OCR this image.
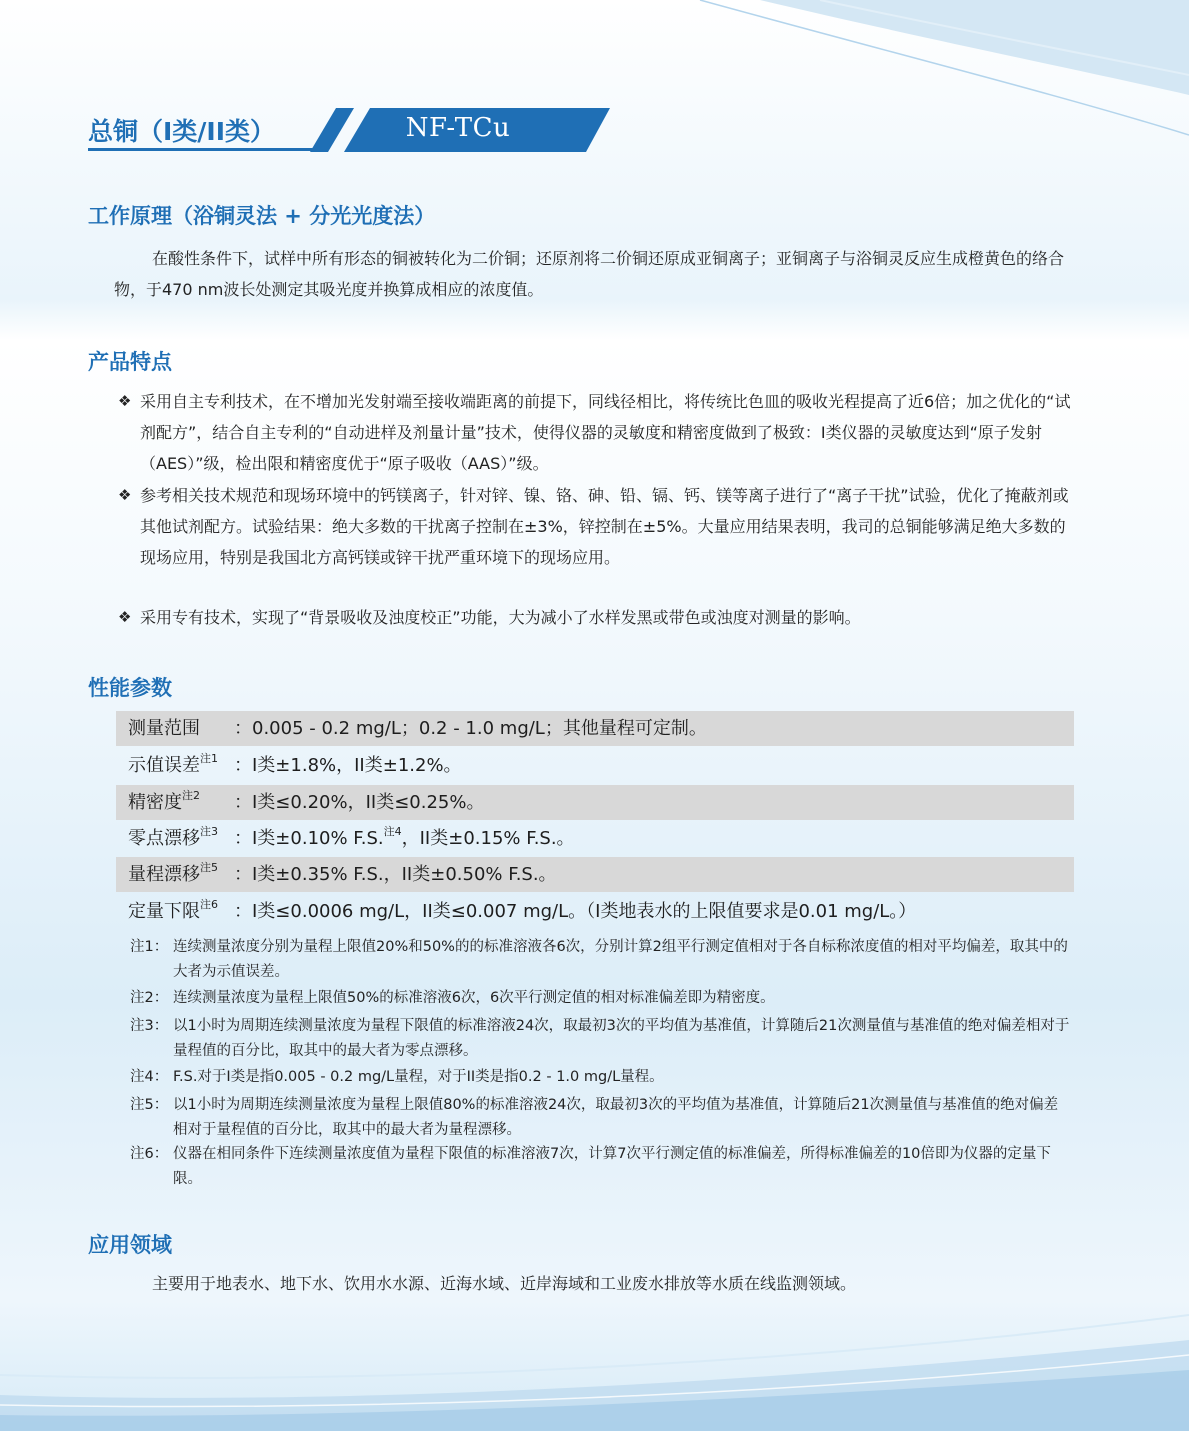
总铜（I类/II类）	NF-TCu
工作原理（浴铜灵法 + 分光光度法）
在酸性条件下，试样中所有形态的铜被转化为二价铜；还原剂将二价铜还原成亚铜离子；亚铜离子与浴铜灵反应生成橙黄色的络合物，于470 nm波长处测定其吸光度并换算成相应的浓度值。
产品特点
❖ 采用自主专利技术，在不增加光发射端至接收端距离的前提下，同线径相比，将传统比色皿的吸收光程提高了近6倍；加之优化的“试剂配方”，结合自主专利的“自动进样及剂量计量”技术，使得仪器的灵敏度和精密度做到了极致：I类仪器的灵敏度达到“原子发射（AES）”级，检出限和精密度优于“原子吸收（AAS）”级。
❖ 参考相关技术规范和现场环境中的钙镁离子，针对锌、镍、铬、砷、铅、镉、钙、镁等离子进行了“离子干扰”试验，优化了掩蔽剂或其他试剂配方。试验结果：绝大多数的干扰离子控制在±3%，锌控制在±5%。大量应用结果表明，我司的总铜能够满足绝大多数的现场应用，特别是我国北方高钙镁或锌干扰严重环境下的现场应用。
❖ 采用专有技术，实现了“背景吸收及浊度校正”功能，大为减小了水样发黑或带色或浊度对测量的影响。
性能参数
测量范围 ：0.005 - 0.2 mg/L；0.2 - 1.0 mg/L；其他量程可定制。
示值误差$^{注1}$ ：I类±1.8%，II类±1.2%。
精密度$^{注2}$ ：I类≤0.20%，II类≤0.25%。
零点漂移$^{注3}$ ：I类±0.10% F.S.$^{注4}$，II类±0.15% F.S.。
量程漂移$^{注5}$ ：I类±0.35% F.S.，II类±0.50% F.S.。
定量下限$^{注6}$ ：I类≤0.0006 mg/L，II类≤0.007 mg/L。（I类地表水的上限值要求是0.01 mg/L。）
注1： 连续测量浓度分别为量程上限值20%和50%的的标准溶液各6次，分别计算2组平行测定值相对于各自标称浓度值的相对平均偏差，取其中的大者为示值误差。
注2： 连续测量浓度为量程上限值50%的标准溶液6次，6次平行测定值的相对标准偏差即为精密度。
注3： 以1小时为周期连续测量浓度为量程下限值的标准溶液24次，取最初3次的平均值为基准值，计算随后21次测量值与基准值的绝对偏差相对于量程值的百分比，取其中的最大者为零点漂移。
注4： F.S.对于I类是指0.005 - 0.2 mg/L量程，对于II类是指0.2 - 1.0 mg/L量程。
注5： 以1小时为周期连续测量浓度为量程上限值80%的标准溶液24次，取最初3次的平均值为基准值，计算随后21次测量值与基准值的绝对偏差相对于量程值的百分比，取其中的最大者为量程漂移。
注6： 仪器在相同条件下连续测量浓度值为量程下限值的标准溶液7次，计算7次平行测定值的标准偏差，所得标准偏差的10倍即为仪器的定量下限。
应用领域
主要用于地表水、地下水、饮用水水源、近海水域、近岸海域和工业废水排放等水质在线监测领域。
